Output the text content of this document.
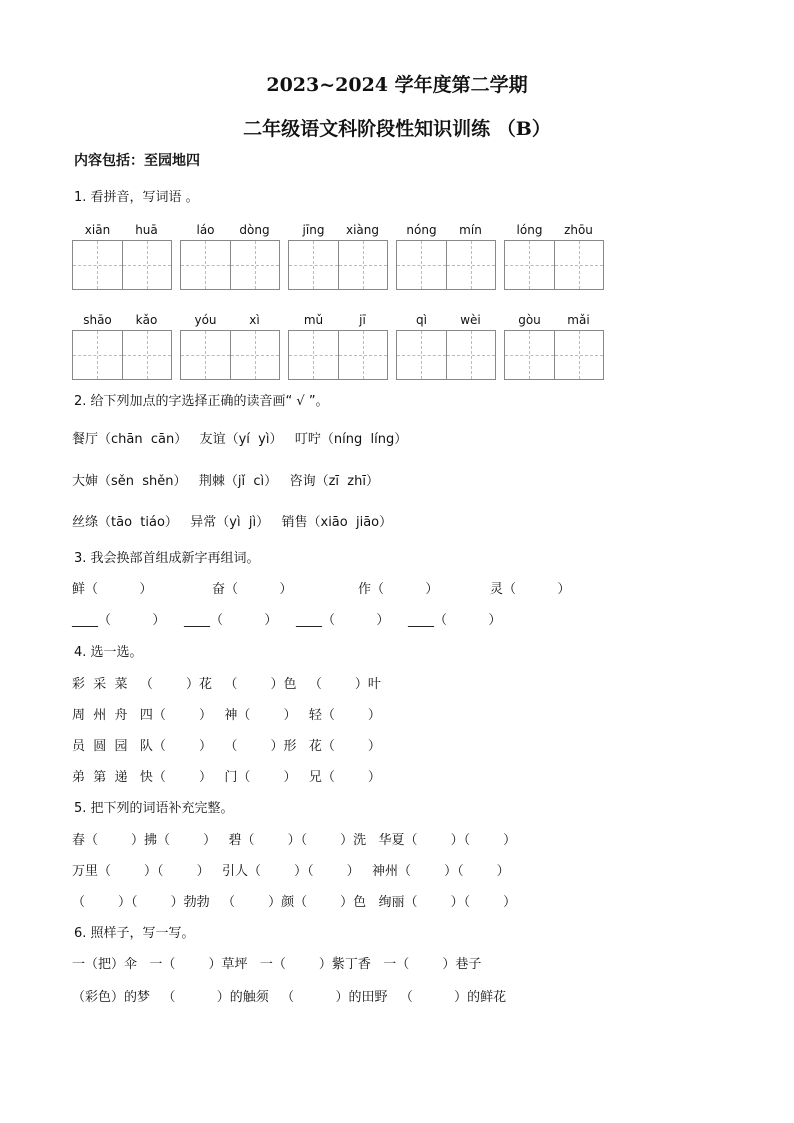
2023~2024 学年度第二学期
二年级语文科阶段性知识训练 （B）
内容包括：至园地四
1. 看拼音，写词语 。
xiān	huā	láo	dòng	jīng	xiàng	nóng	mín	lóng	zhōu
shāo	kǎo	yóu	xì	mǔ	jī	qì	wèi	gòu	mǎi
2. 给下列加点的字选择正确的读音画“ √ ”。
餐厅（chān  cān）   友谊（yí  yì）   叮咛（níng  líng）
大婶（sěn  shěn）   荆棘（jǐ  cì）   咨询（zī  zhī）
丝绦（tāo  tiáo）   异常（yì  jì）   销售（xiāo  jiāo）
3. 我会换部首组成新字再组词。
鲜（          ）	奋（          ）	作（          ）	灵（          ）
____（          ） ____（          ） ____（          ） ____（          ）
4. 选一选。
彩  采  菜   （        ）花   （        ）色   （        ）叶
周  州  舟   四（        ）   神（        ）   轻（        ）
员  圆  园   队（        ）   （        ）形   花（        ）
弟  第  递   快（        ）   门（        ）   兄（        ）
5. 把下列的词语补充完整。
春（        ）拂（        ）   碧（        ）（        ）洗   华夏（        ）（        ）
万里（        ）（        ）   引人（        ）（        ）   神州（        ）（        ）
（        ）（        ）勃勃   （        ）颜（        ）色   绚丽（        ）（        ）
6. 照样子，写一写。
一（把）伞   一（        ）草坪   一（        ）紫丁香   一（        ）巷子
（彩色）的梦   （          ）的触须   （          ）的田野   （          ）的鲜花
